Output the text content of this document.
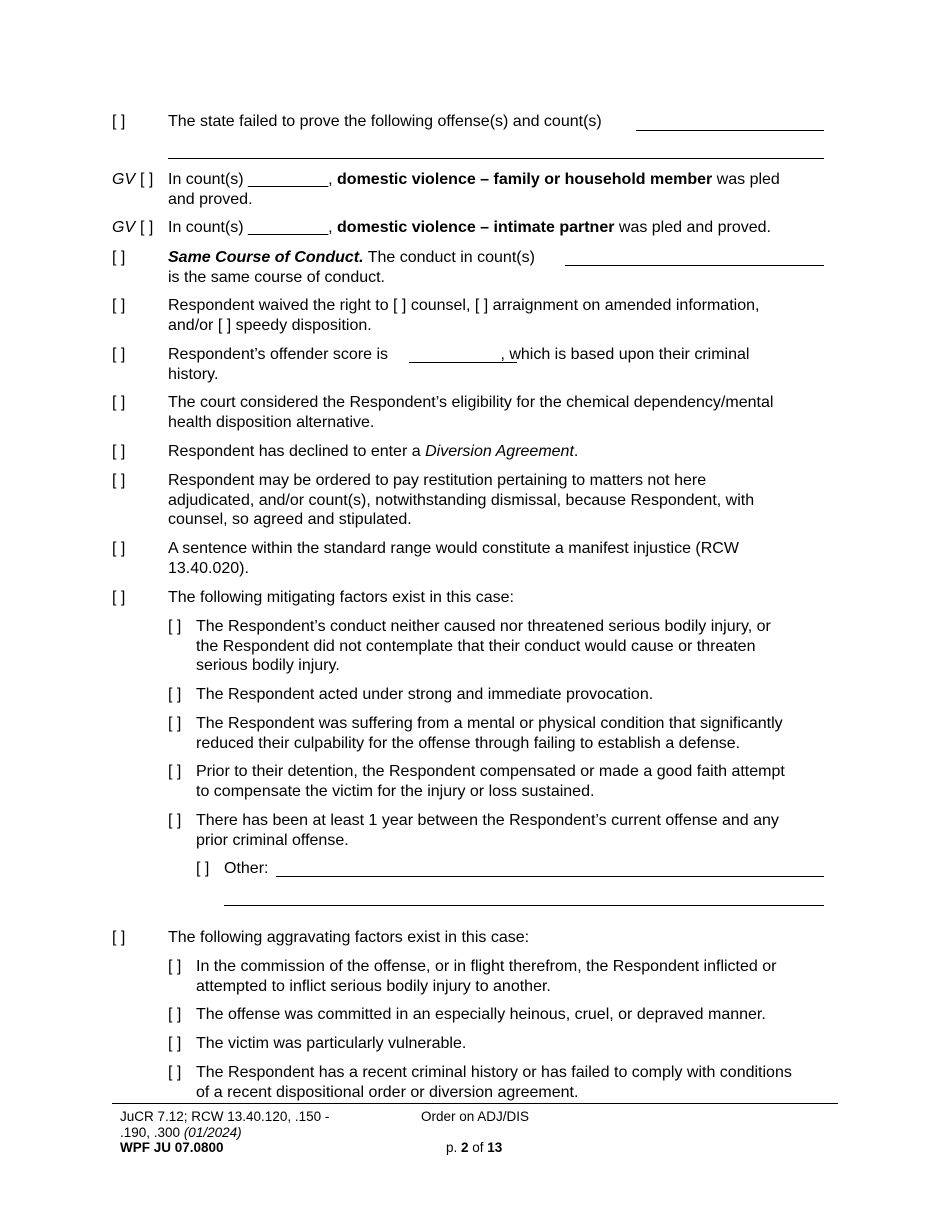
[ ]	The state failed to prove the following offense(s) and count(s)
GV [ ] In count(s) _________, domestic violence – family or household member was pled
and proved.
GV [ ] In count(s) _________, domestic violence – intimate partner was pled and proved.
[ ]	Same Course of Conduct. The conduct in count(s)
is the same course of conduct.
[ ]	Respondent waived the right to [ ] counsel, [ ] arraignment on amended information,
and/or [ ] speedy disposition.
[ ]	Respondent’s offender score is	, which is based upon their criminal
history.
[ ]	The court considered the Respondent’s eligibility for the chemical dependency/mental
health disposition alternative.
[ ]	Respondent has declined to enter a Diversion Agreement.
[ ]	Respondent may be ordered to pay restitution pertaining to matters not here
adjudicated, and/or count(s), notwithstanding dismissal, because Respondent, with
counsel, so agreed and stipulated.
[ ]	A sentence within the standard range would constitute a manifest injustice (RCW
13.40.020).
[ ]	The following mitigating factors exist in this case:
[ ] The Respondent’s conduct neither caused nor threatened serious bodily injury, or
the Respondent did not contemplate that their conduct would cause or threaten
serious bodily injury.
[ ] The Respondent acted under strong and immediate provocation.
[ ] The Respondent was suffering from a mental or physical condition that significantly
reduced their culpability for the offense through failing to establish a defense.
[ ] Prior to their detention, the Respondent compensated or made a good faith attempt
to compensate the victim for the injury or loss sustained.
[ ] There has been at least 1 year between the Respondent’s current offense and any
prior criminal offense.
[ ] Other:
[ ]	The following aggravating factors exist in this case:
[ ] In the commission of the offense, or in flight therefrom, the Respondent inflicted or
attempted to inflict serious bodily injury to another.
[ ] The offense was committed in an especially heinous, cruel, or depraved manner.
[ ] The victim was particularly vulnerable.
[ ] The Respondent has a recent criminal history or has failed to comply with conditions
of a recent dispositional order or diversion agreement.
JuCR 7.12; RCW 13.40.120, .150 -
.190, .300 (01/2024)
WPF JU 07.0800
Order on ADJ/DIS
p. 2 of 13
